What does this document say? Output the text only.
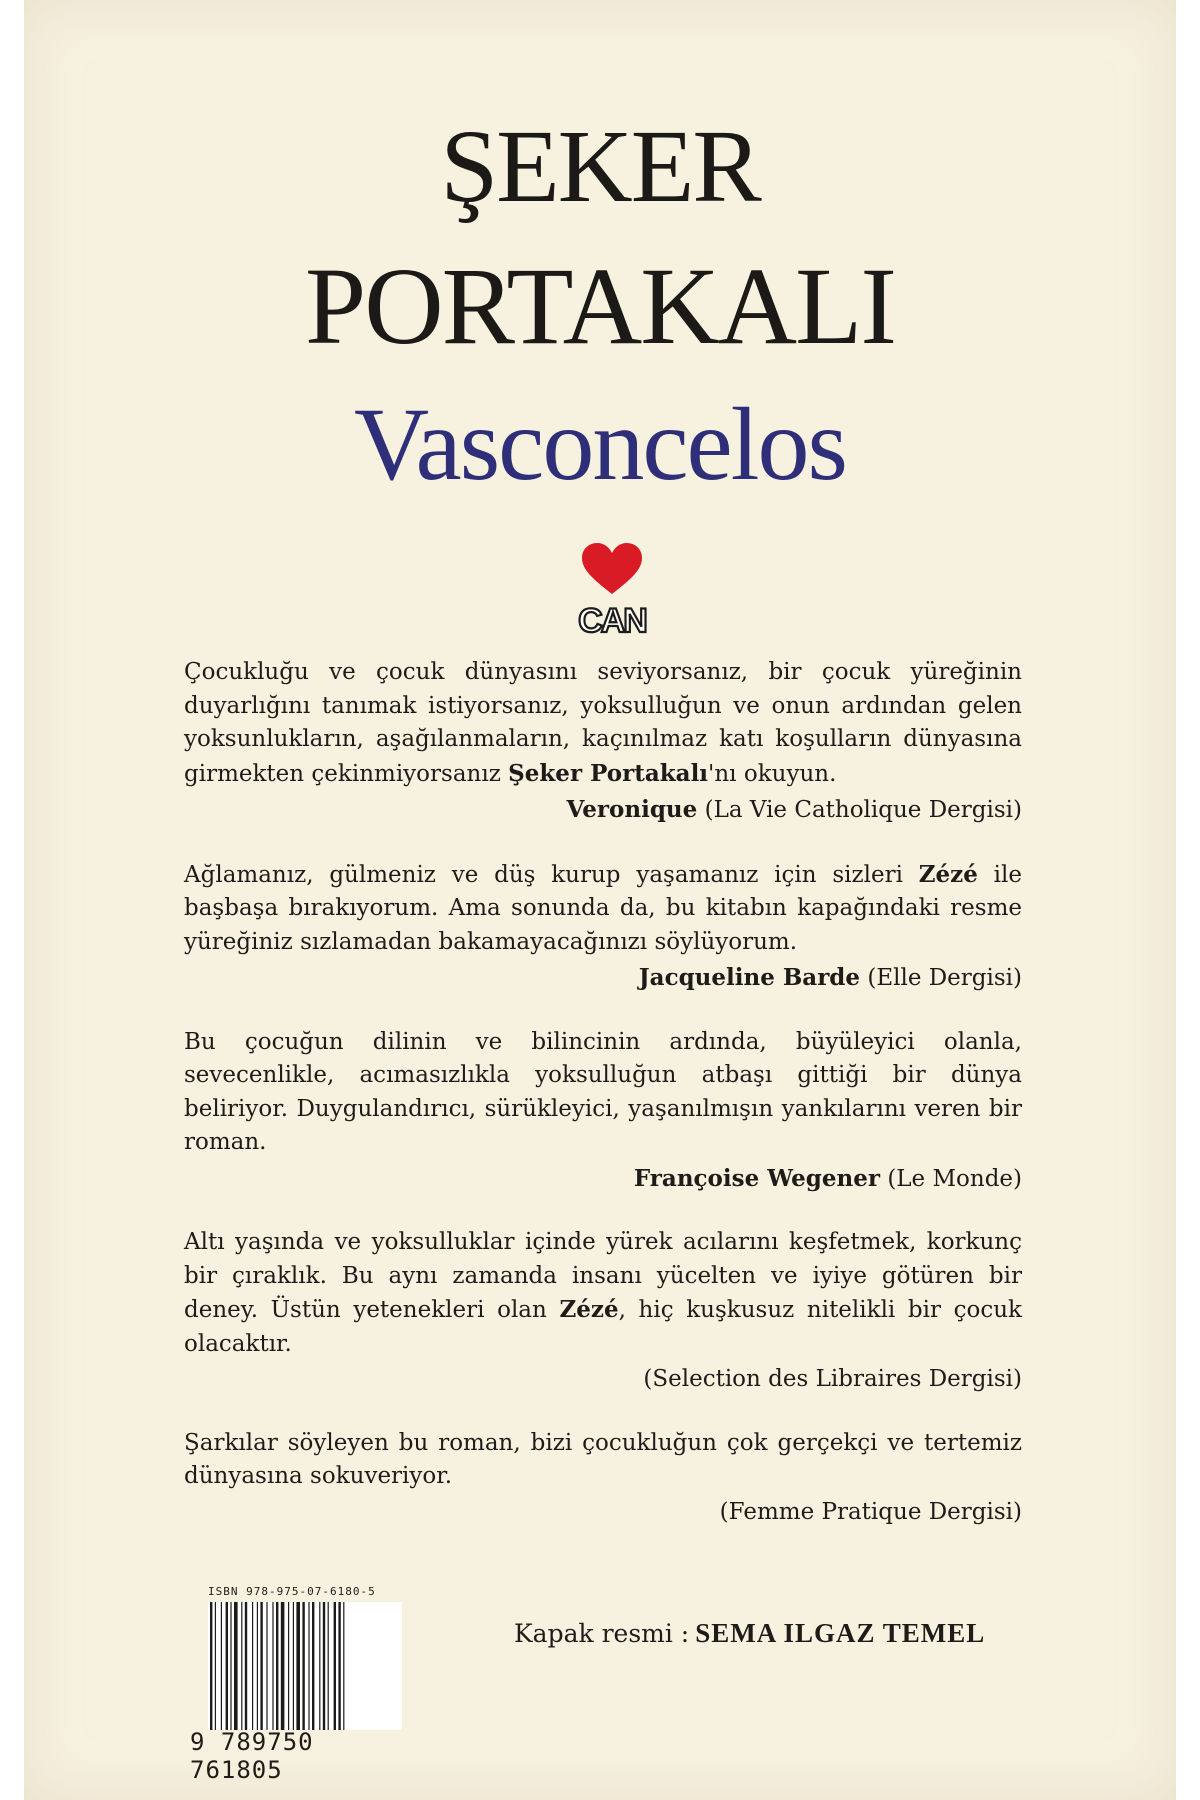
ŞEKER
PORTAKALI
Vasconcelos
CAN

Çocukluğu ve çocuk dünyasını seviyorsanız, bir çocuk yüreğinin duyarlığını tanımak istiyorsanız, yoksulluğun ve onun ardından gelen yoksunlukların, aşağılanmaların, kaçınılmaz katı koşulların dünyasına girmekten çekinmiyorsanız Şeker Portakalı'nı okuyun.

Veronique (La Vie Catholique Dergisi)

Ağlamanız, gülmeniz ve düş kurup yaşamanız için sizleri Zézé ile başbaşa bırakıyorum. Ama sonunda da, bu kitabın kapağındaki resme yüreğiniz sızlamadan bakamayacağınızı söylüyorum.

Jacqueline Barde (Elle Dergisi)

Bu çocuğun dilinin ve bilincinin ardında, büyüleyici olanla, sevecenlikle, acımasızlıkla yoksulluğun atbaşı gittiği bir dünya beliriyor. Duygulandırıcı, sürükleyici, yaşanılmışın yankılarını veren bir roman.

Françoise Wegener (Le Monde)

Altı yaşında ve yoksulluklar içinde yürek acılarını keşfetmek, korkunç bir çıraklık. Bu aynı zamanda insanı yücelten ve iyiye götüren bir deney. Üstün yetenekleri olan Zézé, hiç kuşkusuz nitelikli bir çocuk olacaktır.

(Selection des Libraires Dergisi)

Şarkılar söyleyen bu roman, bizi çocukluğun çok gerçekçi ve tertemiz dünyasına sokuveriyor.

(Femme Pratique Dergisi)
ISBN 978-975-07-6180-5
9 789750 761805
Kapak resmi : SEMA ILGAZ TEMEL
